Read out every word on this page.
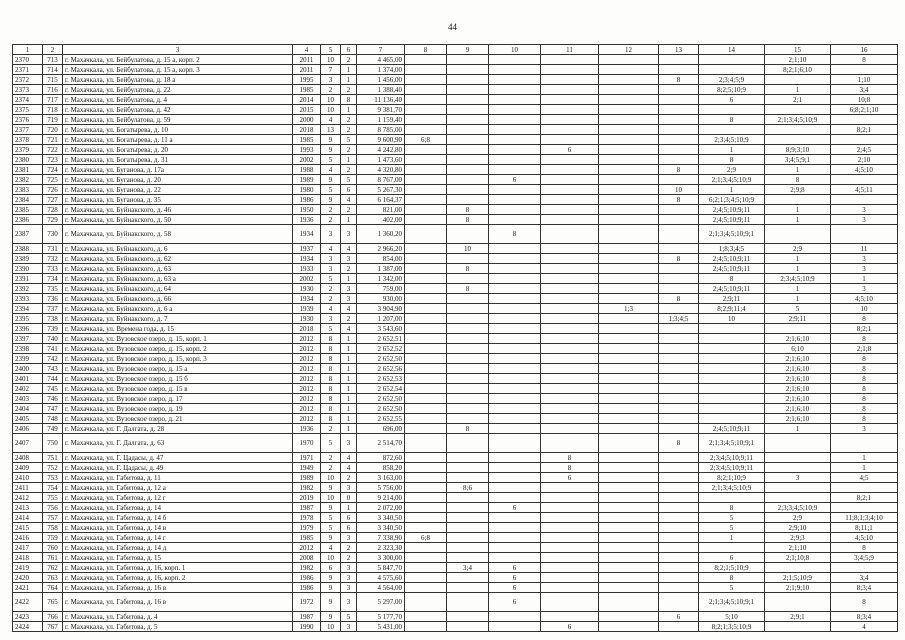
44
1	2	3	4	5	6	7	8	9	10	11	12	13	14	15	16
2370	713	г. Махачкала, ул. Бейбулатова, д. 15 а, корп. 2	2011	10	2	4 465,00								2;1;10	8
2371	714	г. Махачкала, ул. Бейбулатова, д. 15 а, корп. 3	2011	7	1	1 374,00								8;2;1;6;10	
2372	715	г. Махачкала, ул. Бейбулатова, д. 18 а	1995	3	1	1 456,00						8	2;3;4;5;9		1;10
2373	716	г. Махачкала, ул. Бейбулатова, д. 22	1985	2	2	1 388,40							8;2;5;10;9	1	3;4
2374	717	г. Махачкала, ул. Бейбулатова, д. 4	2014	10	8	11 136,40							6	2;1	10;8
2375	718	г. Махачкала, ул. Бейбулатова, д. 42	2015	10	1	9 381,70									6;8;2;1;10
2376	719	г. Махачкала, ул. Бейбулатова, д. 59	2000	4	2	1 159,40							8	2;1;3;4;5;10;9	
2377	720	г. Махачкала, ул. Богатырева, д. 10	2018	13	2	8 785,00									8;2;1
2378	721	г. Махачкала, ул. Богатырева, д. 11 а	1985	9	5	9 600,90	6;8						2;3;4;5;10;9		
2379	722	г. Махачкала, ул. Богатырева, д. 20	1993	9	2	4 242,80				6			1	8;9;3;10	2;4;5
2380	723	г. Махачкала, ул. Богатырева, д. 31	2002	5	1	1 473,60							8	3;4;5;9;1	2;10
2381	724	г. Махачкала, ул. Буганова, д. 17а	1988	4	2	4 320,80						8	2;9	1	4;5;10
2382	725	г. Махачкала, ул. Буганова, д. 20	1989	9	5	8 767,00			6				2;1;3;4;5;10;9	8	
2383	726	г. Махачкала, ул. Буганова, д. 22	1980	5	6	5 267,30						10	1	2;9;8	4;5;11
2384	727	г. Махачкала, ул. Буганова, д. 35	1986	9	4	6 164,37						8	6;2;1;3;4;5;10;9		
2385	728	г. Махачкала, ул. Буйнакского, д. 46	1950	2	2	821,00		8					2;4;5;10;9;11	1	3
2386	729	г. Махачкала, ул. Буйнакского, д. 50	1936	2	1	402,00		8					2;4;5;10;9;11	1	3
2387	730	г. Махачкала, ул. Буйнакского, д. 58	1934	3	3	1 360,20			8				2;1;3;4;5;10;9;1		
2388	731	г. Махачкала, ул. Буйнакского, д. 6	1937	4	4	2 966,20		10					1;8;3;4;5	2;9	11
2389	732	г. Махачкала, ул. Буйнакского, д. 62	1934	3	3	854,00						8	2;4;5;10;9;11	1	3
2390	733	г. Махачкала, ул. Буйнакского, д. 63	1933	3	2	1 387,00		8					2;4;5;10;9;11	1	3
2391	734	г. Махачкала, ул. Буйнакского, д. 63 а	2002	5	1	1 342,00							8	2;3;4;5;10;9	1
2392	735	г. Махачкала, ул. Буйнакского, д. 64	1930	2	3	759,00		8					2;4;5;10;9;11	1	3
2393	736	г. Махачкала, ул. Буйнакского, д. 66	1934	2	3	930,00						8	2;9;11	1	4;5;10
2394	737	г. Махачкала, ул. Буйнакского, д. 6 а	1939	4	4	3 904,90					1;3		8;2;9;11;4	5	10
2395	738	г. Махачкала, ул. Буйнакского, д. 7	1930	3	2	1 207,00						1;3;4;5	10	2;9;11	8
2396	739	г. Махачкала, ул. Времена года, д. 15	2018	5	4	3 543,60									8;2;1
2397	740	г. Махачкала, ул. Вузовское озеро, д. 15, корп. 1	2012	8	1	2 652,51								2;1;6;10	8
2398	741	г. Махачкала, ул. Вузовское озеро, д. 15, корп. 2	2012	8	1	2 652,52								6;10	2;1;8
2399	742	г. Махачкала, ул. Вузовское озеро, д. 15, корп. 3	2012	8	1	2 652,50								2;1;6;10	8
2400	743	г. Махачкала, ул. Вузовское озеро, д. 15 а	2012	8	1	2 652,56								2;1;6;10	8
2401	744	г. Махачкала, ул. Вузовское озеро, д. 15 б	2012	8	1	2 652,53								2;1;6;10	8
2402	745	г. Махачкала, ул. Вузовское озеро, д. 15 в	2012	8	1	2 652,54								2;1;6;10	8
2403	746	г. Махачкала, ул. Вузовское озеро, д. 17	2012	8	1	2 652,50								2;1;6;10	8
2404	747	г. Махачкала, ул. Вузовское озеро, д. 19	2012	8	1	2 652,50								2;1;6;10	8
2405	748	г. Махачкала, ул. Вузовское озеро, д. 21	2012	8	1	2 652,55								2;1;6;10	8
2406	749	г. Махачкала, ул. Г. Далгата, д. 28	1936	2	1	696,00		8					2;4;5;10;9;11	1	3
2407	750	г. Махачкала, ул. Г. Далгата, д. 63	1970	5	3	2 514,70						8	2;1;3;4;5;10;9;1		
2408	751	г. Махачкала, ул. Г. Цадасы, д. 47	1971	2	4	872,60				8			2;3;4;5;10;9;11		1
2409	752	г. Махачкала, ул. Г. Цадасы, д. 49	1949	2	4	858,20				8			2;3;4;5;10;9;11		1
2410	753	г. Махачкала, ул. Габитова, д. 11	1989	10	2	3 163,00				6			8;2;1;10;9	3	4;5
2411	754	г. Махачкала, ул. Габитова, д. 12 а	1982	9	3	5 756,00		8;6					2;1;3;4;5;10;9		
2412	755	г. Махачкала, ул. Габитова, д. 12 г	2019	10	0	9 214,00									8;2;1
2413	756	г. Махачкала, ул. Габитова, д. 14	1987	9	1	2 072,00			6				8	2;3;3;4;5;10;9	
2414	757	г. Махачкала, ул. Габитова, д. 14 б	1978	5	6	3 340,50							5	2;9	11;8;1;3;4;10
2415	758	г. Махачкала, ул. Габитова, д. 14 в	1979	5	6	3 340,50							5	2;9;10	8;11;1
2416	759	г. Махачкала, ул. Габитова, д. 14 г	1985	9	3	7 338,90	6;8						1	2;9;3	4;5;10
2417	760	г. Махачкала, ул. Габитова, д. 14 д	2012	4	2	2 323,30								2;1;10	8
2418	761	г. Махачкала, ул. Габитова, д. 15	2008	10	2	3 300,00							6	2;1;10;8	3;4;5;9
2419	762	г. Махачкала, ул. Габитова, д. 16, корп. 1	1982	6	3	5 847,70		3;4	6				8;2;1;5;10;9		
2420	763	г. Махачкала, ул. Габитова, д. 16, корп. 2	1986	9	3	4 575,60			6				8	2;1;5;10;9	3;4
2421	764	г. Махачкала, ул. Габитова, д. 16 в	1986	9	3	4 564,00			6				5	2;1;9;10	8;3;4
2422	765	г. Махачкала, ул. Габитова, д. 16 в	1972	9	3	5 297,00			6				2;1;3;4;5;10;9;1		8
2423	766	г. Махачкала, ул. Габитова, д. 4	1987	9	5	5 177,70						6	5;10	2;9;1	8;3;4
2424	767	г. Махачкала, ул. Габитова, д. 5	1990	10	3	5 431,00				6			8;2;1;3;5;10;9		4
